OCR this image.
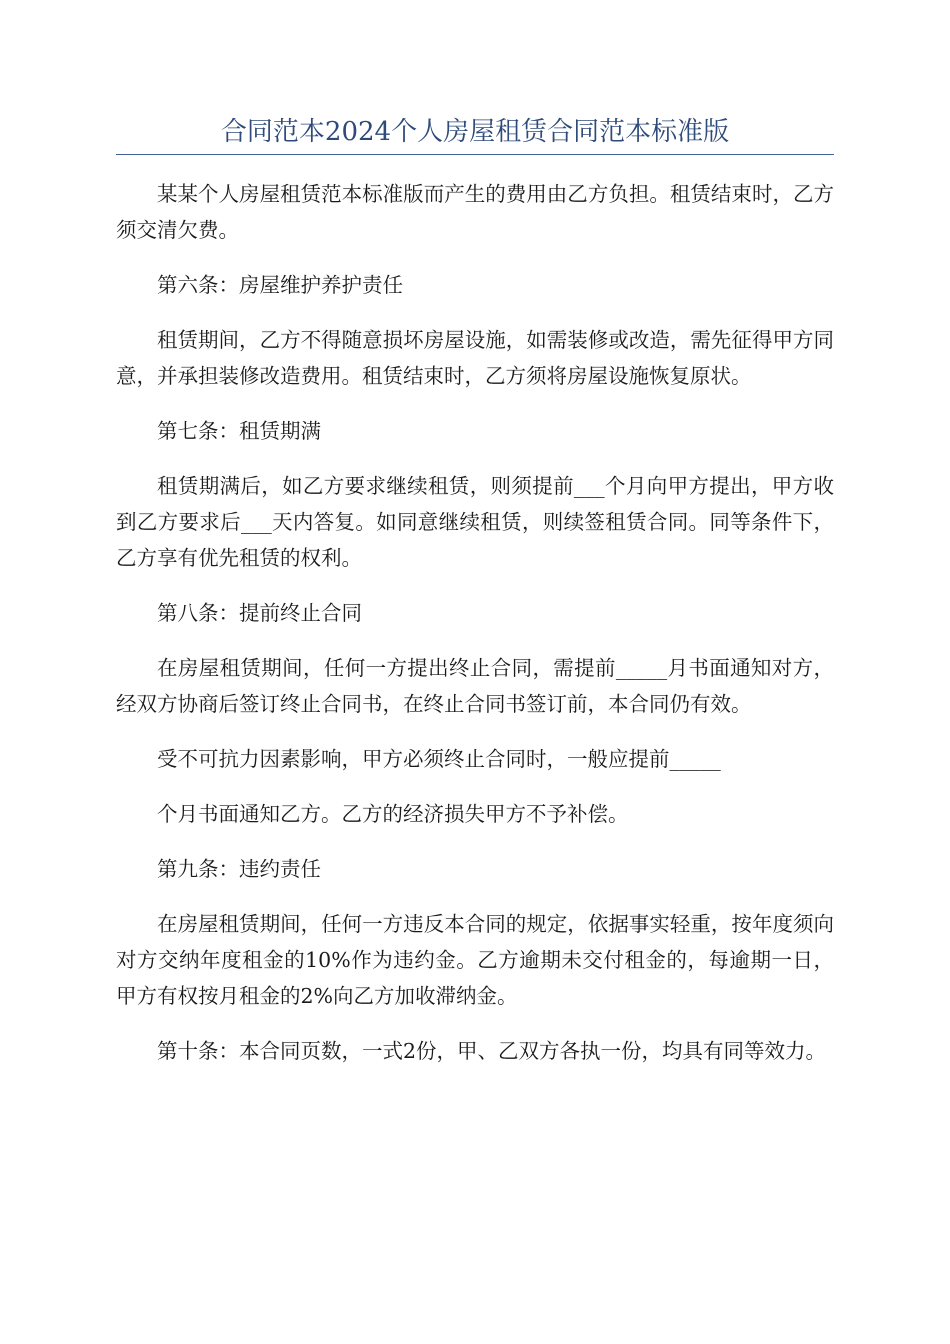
合同范本2024个人房屋租赁合同范本标准版

某某个人房屋租赁范本标准版而产生的费用由乙方负担。租赁结束时，乙方须交清欠费。

第六条：房屋维护养护责任

租赁期间，乙方不得随意损坏房屋设施，如需装修或改造，需先征得甲方同意，并承担装修改造费用。租赁结束时，乙方须将房屋设施恢复原状。

第七条：租赁期满

租赁期满后，如乙方要求继续租赁，则须提前___个月向甲方提出，甲方收到乙方要求后___天内答复。如同意继续租赁，则续签租赁合同。同等条件下，乙方享有优先租赁的权利。

第八条：提前终止合同

在房屋租赁期间，任何一方提出终止合同，需提前_____月书面通知对方，经双方协商后签订终止合同书，在终止合同书签订前，本合同仍有效。

受不可抗力因素影响，甲方必须终止合同时，一般应提前_____

个月书面通知乙方。乙方的经济损失甲方不予补偿。

第九条：违约责任

在房屋租赁期间，任何一方违反本合同的规定，依据事实轻重，按年度须向对方交纳年度租金的10%作为违约金。乙方逾期未交付租金的，每逾期一日，甲方有权按月租金的2%向乙方加收滞纳金。

第十条：本合同页数，一式2份，甲、乙双方各执一份，均具有同等效力。
